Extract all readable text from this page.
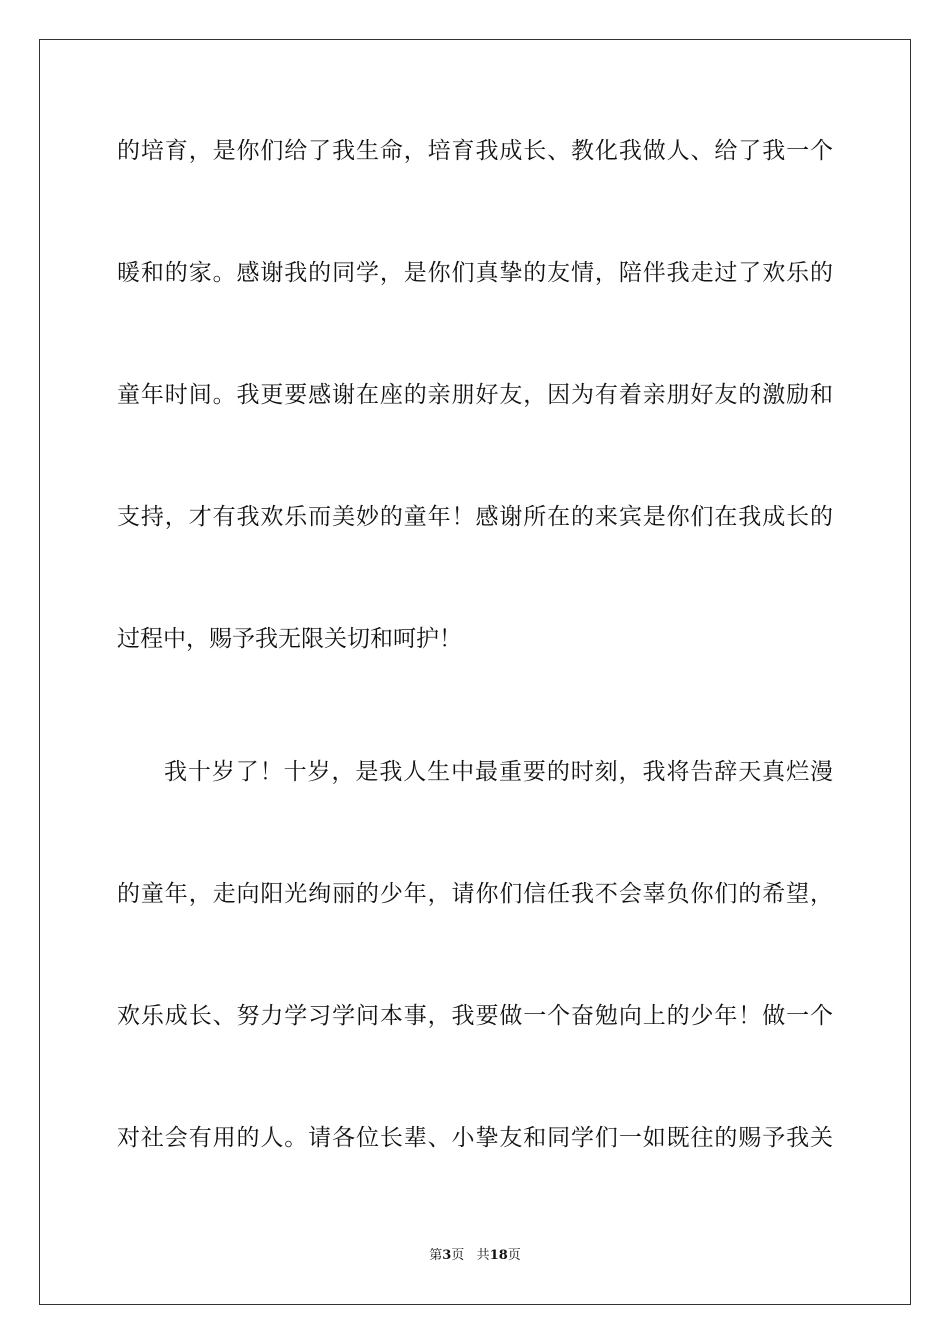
的培育，是你们给了我生命，培育我成长、教化我做人、给了我一个
暖和的家。感谢我的同学，是你们真挚的友情，陪伴我走过了欢乐的
童年时间。我更要感谢在座的亲朋好友，因为有着亲朋好友的激励和
支持，才有我欢乐而美妙的童年！感谢所在的来宾是你们在我成长的
过程中，赐予我无限关切和呵护！
我十岁了！十岁，是我人生中最重要的时刻，我将告辞天真烂漫
的童年，走向阳光绚丽的少年，请你们信任我不会辜负你们的希望，
欢乐成长、努力学习学问本事，我要做一个奋勉向上的少年！做一个
对社会有用的人。请各位长辈、小挚友和同学们一如既往的赐予我关
第3页 共18页
